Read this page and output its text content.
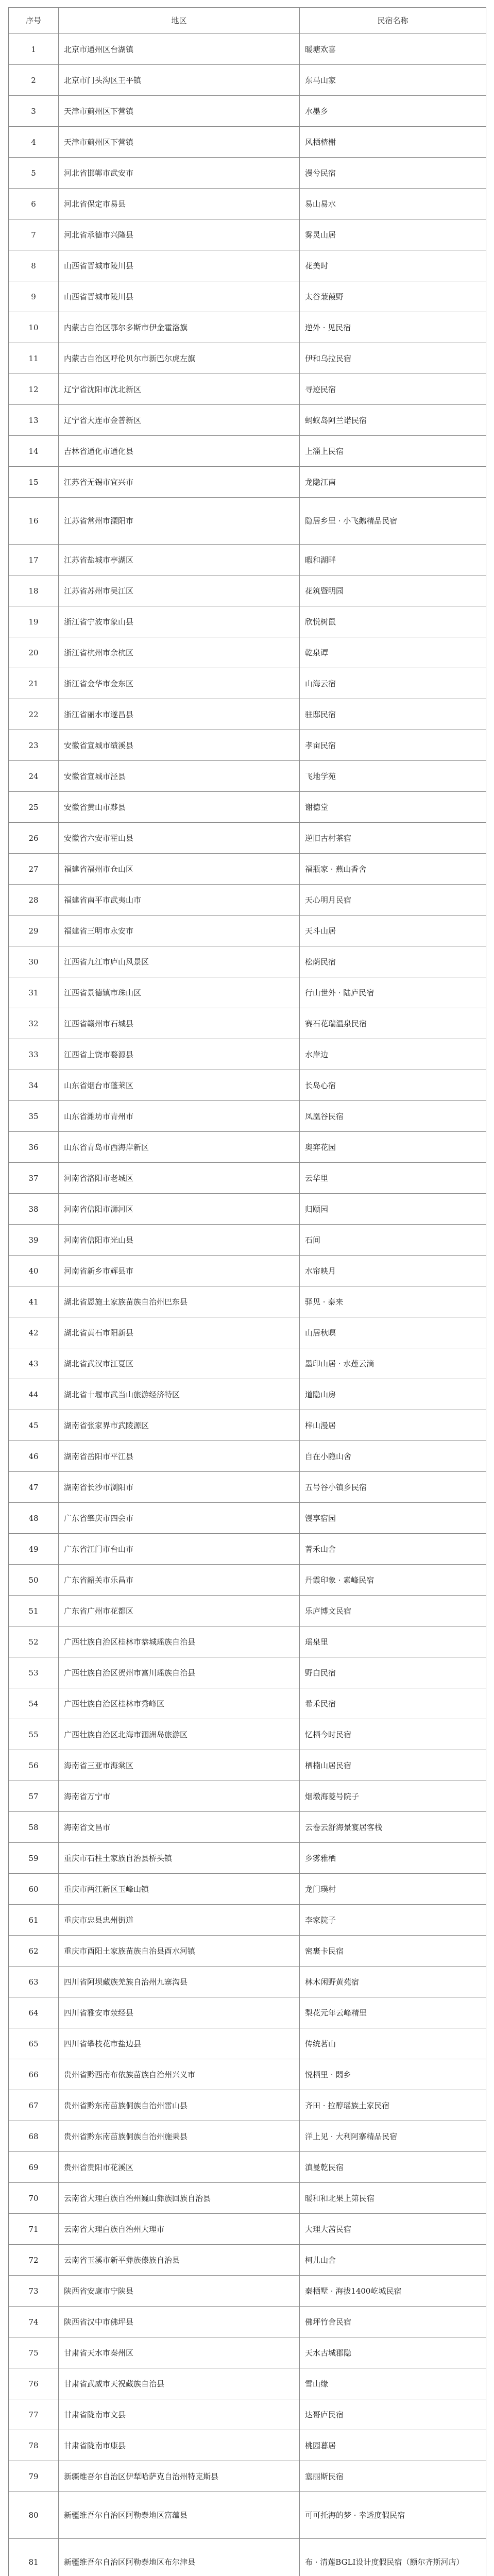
序号	地区	民宿名称
1	北京市通州区台湖镇	暖塘欢喜
2	北京市门头沟区王平镇	东马山家
3	天津市蓟州区下营镇	水墨乡
4	天津市蓟州区下营镇	风栖楂榭
5	河北省邯郸市武安市	漫兮民宿
6	河北省保定市易县	易山易水
7	河北省承德市兴隆县	雾灵山居
8	山西省晋城市陵川县	花美时
9	山西省晋城市陵川县	太谷蒹葭野
10	内蒙古自治区鄂尔多斯市伊金霍洛旗	逆外 · 见民宿
11	内蒙古自治区呼伦贝尔市新巴尔虎左旗	伊和乌拉民宿
12	辽宁省沈阳市沈北新区	寻迹民宿
13	辽宁省大连市金普新区	蚂蚁岛阿兰诺民宿
14	吉林省通化市通化县	上淄上民宿
15	江苏省无锡市宜兴市	龙隐江南
16	江苏省常州市溧阳市	隐居乡里 · 小飞鹅精品民宿
17	江苏省盐城市亭湖区	暇和湖畔
18	江苏省苏州市吴江区	花筑暨明园
19	浙江省宁波市象山县	欣悦树鼠
20	浙江省杭州市余杭区	乾泉谭
21	浙江省金华市金东区	山海云宿
22	浙江省丽水市遂昌县	驻邸民宿
23	安徽省宣城市绩溪县	孝亩民宿
24	安徽省宣城市泾县	飞地学苑
25	安徽省黄山市黟县	谢德堂
26	安徽省六安市霍山县	逆旧古村茶宿
27	福建省福州市仓山区	福瓶家 · 燕山香舍
28	福建省南平市武夷山市	天心明月民宿
29	福建省三明市永安市	天斗山居
30	江西省九江市庐山风景区	松荫民宿
31	江西省景德镇市珠山区	行山世外 · 陆庐民宿
32	江西省赣州市石城县	赛石花瑞温泉民宿
33	江西省上饶市婺源县	水岸边
34	山东省烟台市蓬莱区	长岛心宿
35	山东省潍坊市青州市	凤凰谷民宿
36	山东省青岛市西海岸新区	奥弈花园
37	河南省洛阳市老城区	云华里
38	河南省信阳市浉河区	归颐园
39	河南省信阳市光山县	石间
40	河南省新乡市辉县市	水帘映月
41	湖北省恩施土家族苗族自治州巴东县	驿见 · 泰来
42	湖北省黄石市阳新县	山居秋暝
43	湖北省武汉市江夏区	墨印山居 · 水莲云滴
44	湖北省十堰市武当山旅游经济特区	道隐山房
45	湖南省张家界市武陵源区	梓山漫居
46	湖南省岳阳市平江县	自在小隐山舍
47	湖南省长沙市浏阳市	五号谷小镇乡民宿
48	广东省肇庆市四会市	馒享宿园
49	广东省江门市台山市	菁禾山舍
50	广东省韶关市乐昌市	丹霞印象 · 素峰民宿
51	广东省广州市花都区	乐庐博文民宿
52	广西壮族自治区桂林市恭城瑶族自治县	瑶泉里
53	广西壮族自治区贺州市富川瑶族自治县	野白民宿
54	广西壮族自治区桂林市秀峰区	希禾民宿
55	广西壮族自治区北海市涠洲岛旅游区	忆栖今时民宿
56	海南省三亚市海棠区	栖楠山居民宿
57	海南省万宁市	烟墩海菱号院子
58	海南省文昌市	云卷云舒海景宴居客栈
59	重庆市石柱土家族自治县桥头镇	乡雾雅栖
60	重庆市两江新区玉峰山镇	龙门璞村
61	重庆市忠县忠州街道	李家院子
62	重庆市酉阳土家族苗族自治县酉水河镇	密裹卡民宿
63	四川省阿坝藏族羌族自治州九寨沟县	林木闲野黄苑宿
64	四川省雅安市荥经县	梨花元年云峰精里
65	四川省攀枝花市盐边县	传统茗山
66	贵州省黔西南布依族苗族自治州兴义市	悦栖里 · 悶乡
67	贵州省黔东南苗族侗族自治州雷山县	齐田 · 拉醇瑶族土家民宿
68	贵州省黔东南苗族侗族自治州施秉县	洋上见 · 大利阿寨精品民宿
69	贵州省贵阳市花溪区	滇曼乾民宿
70	云南省大理白族自治州巍山彝族回族自治县	暖和和北果上第民宿
71	云南省大理白族自治州大理市	大理大茜民宿
72	云南省玉溪市新平彝族傣族自治县	柯儿山舍
73	陕西省安康市宁陕县	秦栖墅 · 海拔1400屹城民宿
74	陕西省汉中市佛坪县	佛坪竹舍民宿
75	甘肃省天水市秦州区	天水古城郡隐
76	甘肃省武威市天祝藏族自治县	雪山缘
77	甘肃省陇南市文县	达哥庐民宿
78	甘肃省陇南市康县	桃园暮居
79	新疆维吾尔自治区伊犁哈萨克自治州特克斯县	塞丽斯民宿
80	新疆维吾尔自治区阿勒泰地区富蕴县	可可托海的梦 · 幸透度假民宿
81	新疆维吾尔自治区阿勒泰地区布尔津县	布 · 清莲BGLI设计度假民宿（额尔齐斯河店）
